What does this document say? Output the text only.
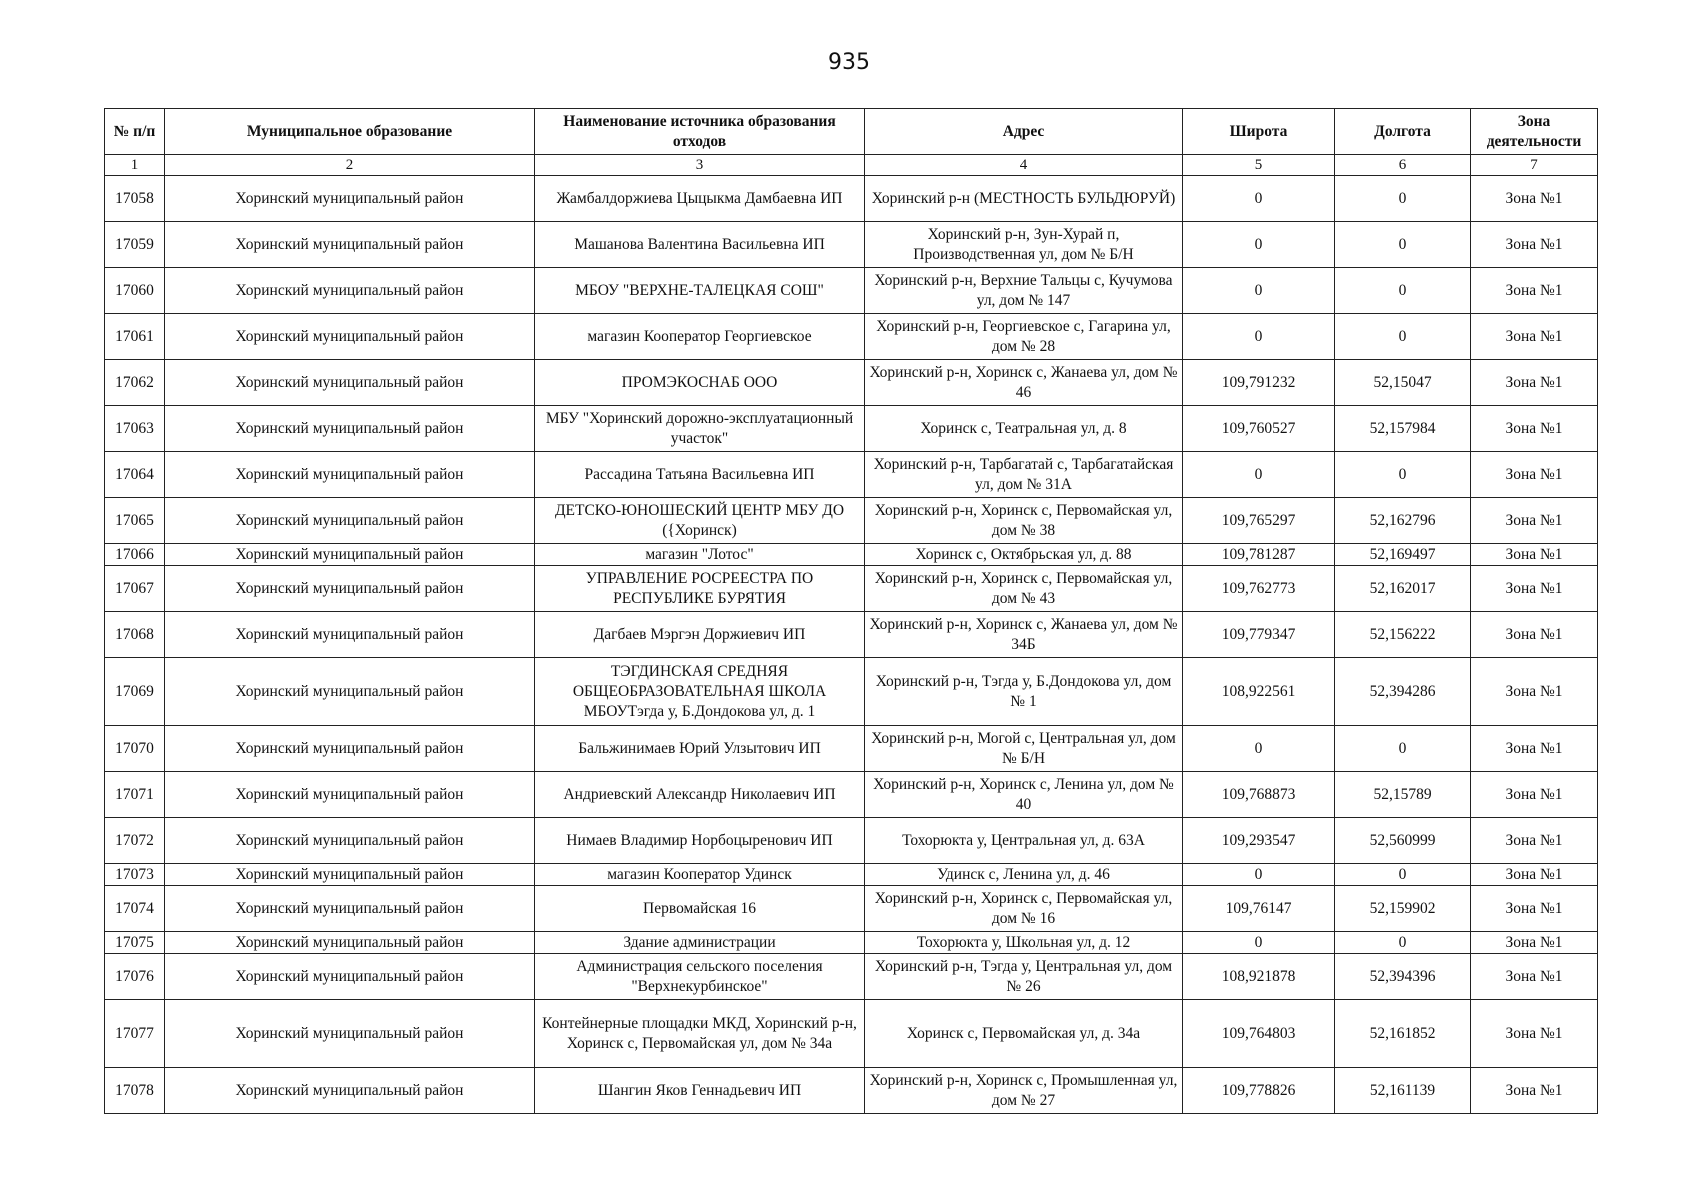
935
№ п/п	Муниципальное образование	Наименование источника образования отходов	Адрес	Широта	Долгота	Зона деятельности
1	2	3	4	5	6	7
17058	Хоринский муниципальный район	Жамбалдоржиева Цыцыкма Дамбаевна ИП	Хоринский р-н (МЕСТНОСТЬ БУЛЬДЮРУЙ)	0	0	Зона №1
17059	Хоринский муниципальный район	Машанова Валентина Васильевна ИП	Хоринский р-н, Зун-Хурай п, Производственная ул, дом № Б/Н	0	0	Зона №1
17060	Хоринский муниципальный район	МБОУ "ВЕРХНЕ-ТАЛЕЦКАЯ СОШ"	Хоринский р-н, Верхние Тальцы с, Кучумова ул, дом № 147	0	0	Зона №1
17061	Хоринский муниципальный район	магазин Кооператор Георгиевское	Хоринский р-н, Георгиевское с, Гагарина ул, дом № 28	0	0	Зона №1
17062	Хоринский муниципальный район	ПРОМЭКОСНАБ ООО	Хоринский р-н, Хоринск с, Жанаева ул, дом № 46	109,791232	52,15047	Зона №1
17063	Хоринский муниципальный район	МБУ "Хоринский дорожно-эксплуатационный участок"	Хоринск с, Театральная ул, д. 8	109,760527	52,157984	Зона №1
17064	Хоринский муниципальный район	Рассадина Татьяна Васильевна ИП	Хоринский р-н, Тарбагатай с, Тарбагатайская ул, дом № 31А	0	0	Зона №1
17065	Хоринский муниципальный район	ДЕТСКО-ЮНОШЕСКИЙ ЦЕНТР МБУ ДО ({Хоринск)	Хоринский р-н, Хоринск с, Первомайская ул, дом № 38	109,765297	52,162796	Зона №1
17066	Хоринский муниципальный район	магазин "Лотос"	Хоринск с, Октябрьская ул, д. 88	109,781287	52,169497	Зона №1
17067	Хоринский муниципальный район	УПРАВЛЕНИЕ РОСРЕЕСТРА ПО РЕСПУБЛИКЕ БУРЯТИЯ	Хоринский р-н, Хоринск с, Первомайская ул, дом № 43	109,762773	52,162017	Зона №1
17068	Хоринский муниципальный район	Дагбаев Мэргэн Доржиевич ИП	Хоринский р-н, Хоринск с, Жанаева ул, дом № 34Б	109,779347	52,156222	Зона №1
17069	Хоринский муниципальный район	ТЭГДИНСКАЯ СРЕДНЯЯ ОБЩЕОБРАЗОВАТЕЛЬНАЯ ШКОЛА МБОУТэгда у, Б.Дондокова ул, д. 1	Хоринский р-н, Тэгда у, Б.Дондокова ул, дом № 1	108,922561	52,394286	Зона №1
17070	Хоринский муниципальный район	Бальжинимаев Юрий Улзытович ИП	Хоринский р-н, Могой с, Центральная ул, дом № Б/Н	0	0	Зона №1
17071	Хоринский муниципальный район	Андриевский Александр Николаевич ИП	Хоринский р-н, Хоринск с, Ленина ул, дом № 40	109,768873	52,15789	Зона №1
17072	Хоринский муниципальный район	Нимаев Владимир Норбоцыренович ИП	Тохорюкта у, Центральная ул, д. 63А	109,293547	52,560999	Зона №1
17073	Хоринский муниципальный район	магазин Кооператор Удинск	Удинск с, Ленина ул, д. 46	0	0	Зона №1
17074	Хоринский муниципальный район	Первомайская 16	Хоринский р-н, Хоринск с, Первомайская ул, дом № 16	109,76147	52,159902	Зона №1
17075	Хоринский муниципальный район	Здание администрации	Тохорюкта у, Школьная ул, д. 12	0	0	Зона №1
17076	Хоринский муниципальный район	Администрация сельского поселения "Верхнекурбинское"	Хоринский р-н, Тэгда у, Центральная ул, дом № 26	108,921878	52,394396	Зона №1
17077	Хоринский муниципальный район	Контейнерные площадки МКД, Хоринский р-н, Хоринск с, Первомайская ул, дом № 34а	Хоринск с, Первомайская ул, д. 34а	109,764803	52,161852	Зона №1
17078	Хоринский муниципальный район	Шангин Яков Геннадьевич ИП	Хоринский р-н, Хоринск с, Промышленная ул, дом № 27	109,778826	52,161139	Зона №1
